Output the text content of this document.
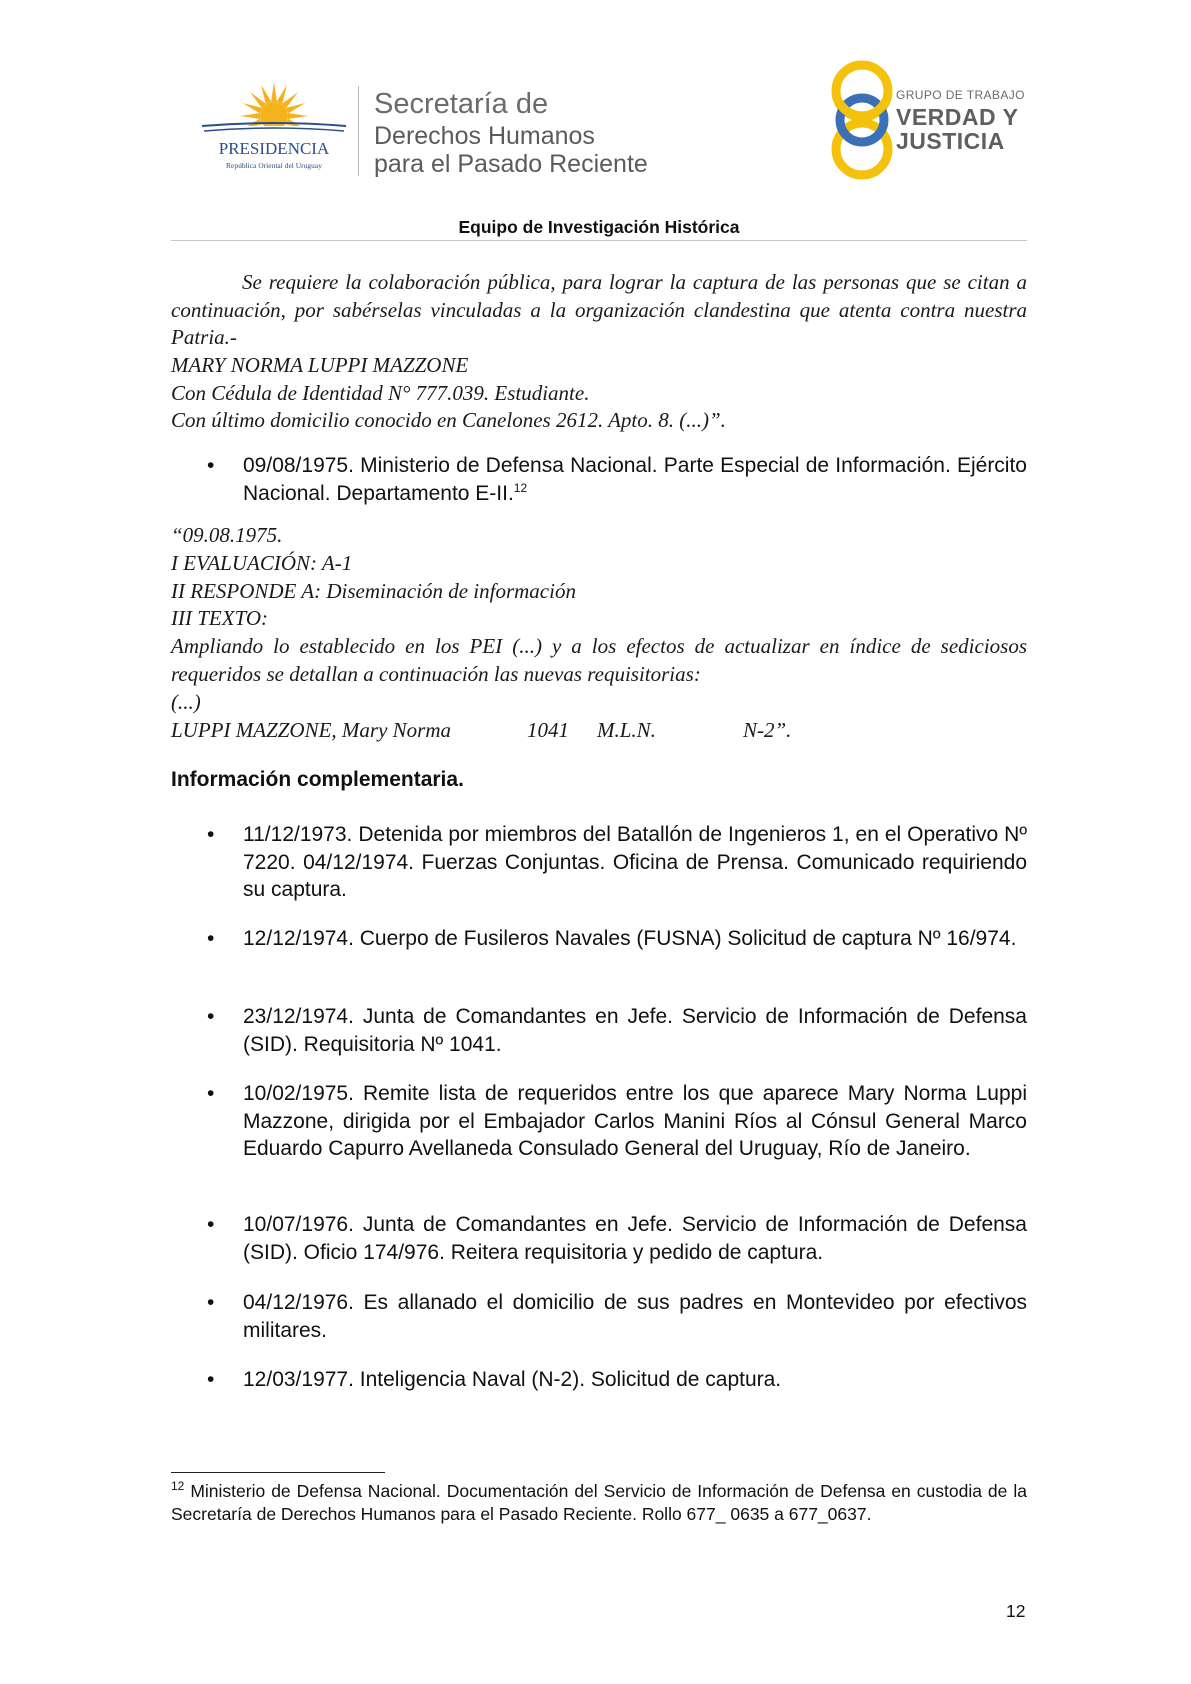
PRESIDENCIA
República Oriental del Uruguay
Secretaría de
Derechos Humanos
para el Pasado Reciente
GRUPO DE TRABAJO
VERDAD Y
JUSTICIA
Equipo de Investigación Histórica
Se requiere la colaboración pública, para lograr la captura de las personas que se citan a continuación, por sabérselas vinculadas a la organización clandestina que atenta contra nuestra Patria.-
MARY NORMA LUPPI MAZZONE
Con Cédula de Identidad N° 777.039. Estudiante.
Con último domicilio conocido en Canelones 2612. Apto. 8. (...)”.
• 09/08/1975. Ministerio de Defensa Nacional. Parte Especial de Información. Ejército Nacional. Departamento E-II.$^{12}$
“09.08.1975.
I EVALUACIÓN: A-1
II RESPONDE A: Diseminación de información
III TEXTO:
Ampliando lo establecido en los PEI (...) y a los efectos de actualizar en índice de sediciosos requeridos se detallan a continuación las nuevas requisitorias:
(...)
LUPPI MAZZONE, Mary Norma	1041 M.L.N.	N-2”.
Información complementaria.
• 11/12/1973. Detenida por miembros del Batallón de Ingenieros 1, en el Operativo Nº 7220. 04/12/1974. Fuerzas Conjuntas. Oficina de Prensa. Comunicado requiriendo su captura.
• 12/12/1974. Cuerpo de Fusileros Navales (FUSNA) Solicitud de captura Nº 16/974.
• 23/12/1974. Junta de Comandantes en Jefe. Servicio de Información de Defensa (SID). Requisitoria Nº 1041.
• 10/02/1975. Remite lista de requeridos entre los que aparece Mary Norma Luppi Mazzone, dirigida por el Embajador Carlos Manini Ríos al Cónsul General Marco Eduardo Capurro Avellaneda Consulado General del Uruguay, Río de Janeiro.
• 10/07/1976. Junta de Comandantes en Jefe. Servicio de Información de Defensa (SID). Oficio 174/976. Reitera requisitoria y pedido de captura.
• 04/12/1976. Es allanado el domicilio de sus padres en Montevideo por efectivos militares.
• 12/03/1977. Inteligencia Naval (N-2). Solicitud de captura.
$^{12}$ Ministerio de Defensa Nacional. Documentación del Servicio de Información de Defensa en custodia de la Secretaría de Derechos Humanos para el Pasado Reciente. Rollo 677_ 0635 a 677_0637.
12
